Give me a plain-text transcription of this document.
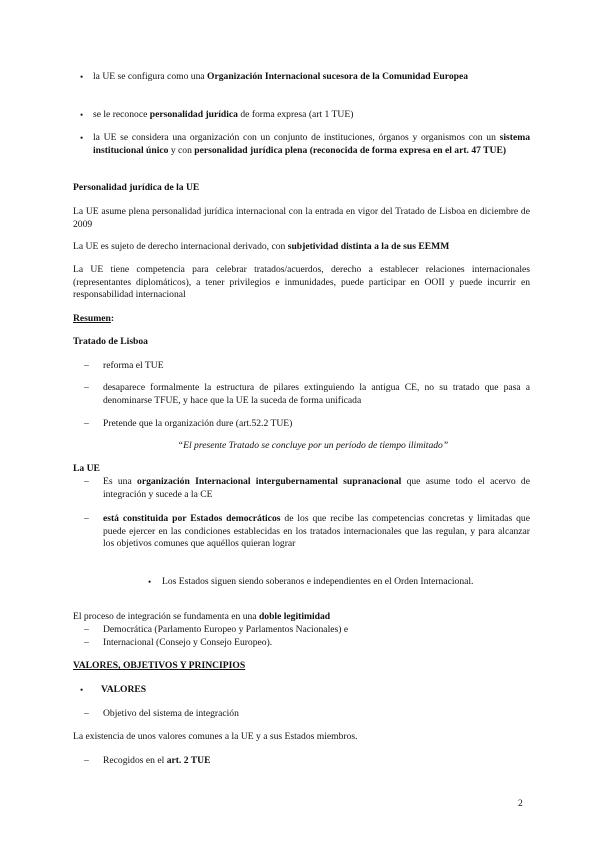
• la UE se configura como una Organización Internacional sucesora de la Comunidad Europea
• se le reconoce personalidad jurídica de forma expresa (art 1 TUE)
• la UE se considera una organización con un conjunto de instituciones, órganos y organismos con un sistema institucional único y con personalidad jurídica plena (reconocida de forma expresa en el art. 47 TUE)
Personalidad jurídica de la UE
La UE asume plena personalidad jurídica internacional con la entrada en vigor del Tratado de Lisboa en diciembre de 2009
La UE es sujeto de derecho internacional derivado, con subjetividad distinta a la de sus EEMM
La UE tiene competencia para celebrar tratados/acuerdos, derecho a establecer relaciones internacionales (representantes diplomáticos), a tener privilegios e inmunidades, puede participar en OOII y puede incurrir en responsabilidad internacional
Resumen:
Tratado de Lisboa
– reforma el TUE
– desaparece formalmente la estructura de pilares extinguiendo la antigua CE, no su tratado que pasa a denominarse TFUE, y hace que la UE la suceda de forma unificada
– Pretende que la organización dure (art.52.2 TUE)
“El presente Tratado se concluye por un período de tiempo ilimitado”
La UE
– Es una organización Internacional intergubernamental supranacional que asume todo el acervo de integración y sucede a la CE
– está constituida por Estados democráticos de los que recibe las competencias concretas y limitadas que puede ejercer en las condiciones establecidas en los tratados internacionales que las regulan, y para alcanzar los objetivos comunes que aquéllos quieran lograr
• Los Estados siguen siendo soberanos e independientes en el Orden Internacional.
El proceso de integración se fundamenta en una doble legitimidad
– Democrática (Parlamento Europeo y Parlamentos Nacionales) e
– Internacional (Consejo y Consejo Europeo).
VALORES, OBJETIVOS Y PRINCIPIOS
• VALORES
– Objetivo del sistema de integración
La existencia de unos valores comunes a la UE y a sus Estados miembros.
– Recogidos en el art. 2 TUE
2
